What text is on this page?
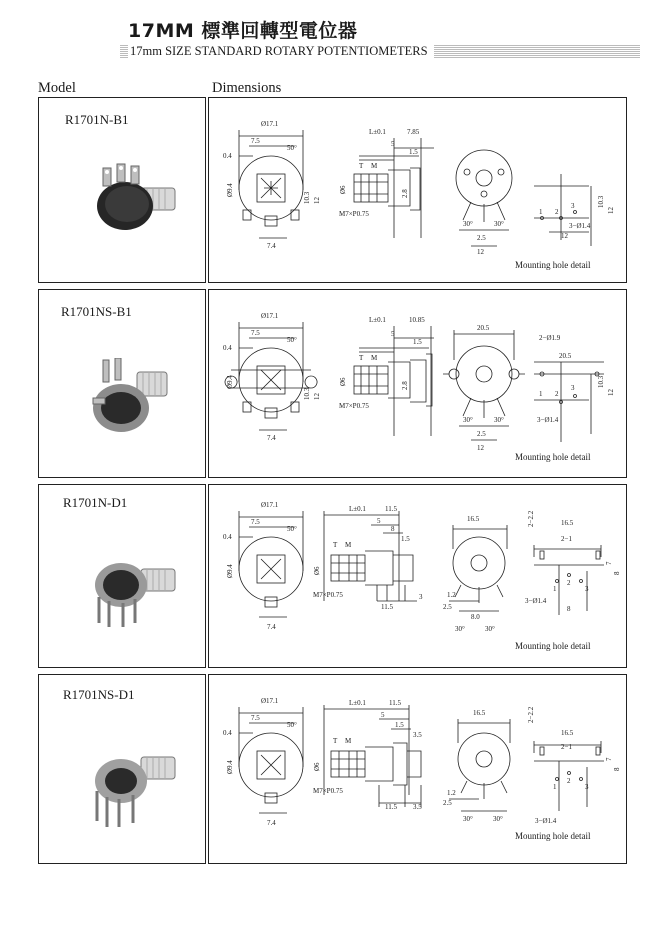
17MM 標準回轉型電位器
17mm SIZE STANDARD ROTARY POTENTIOMETERS
Model	Dimensions
R1701N-B1	Ø17.1
7.5
50°
0.4
Ø9.4
10.3 12
7.4
L±0.1	7.85
5
1.5
T M
Ø6
M7×P0.75
2.8
30°	30°
2.5
12
1 2
3	10.3
12
12
3−Ø1.4
Mounting hole detail
R1701NS-B1	Ø17.1
7.5
50°
0.4
Ø9.4
10.3 12
7.4
L±0.1	10.85
5
1.5
T M
Ø6
M7×P0.75
2.8
20.5
30°	30°
2.5
12
2−Ø1.9
20.5
1 2
3	10.3
12
3−Ø1.4
Mounting hole detail
R1701N-D1	Ø17.1
7.5
50°
0.4
Ø9.4
7.4
L±0.1	11.5
5
8
1.5
T M
Ø6
M7×P0.75
11.5
3
16.5
1.2
2.5
8.0
30°	30°
2−2.2	16.5
2−1
7
8
1
2
3
3−Ø1.4
8
Mounting hole detail
R1701NS-D1	Ø17.1
7.5
50°
0.4
Ø9.4
7.4
L±0.1	11.5
5
1.5
3.5
T M
Ø6
M7×P0.75
11.5 3.5
16.5
1.2
2.5
30°	30°
2−2.2
16.5
2−1
7
8
1
2
3
3−Ø1.4
Mounting hole detail
